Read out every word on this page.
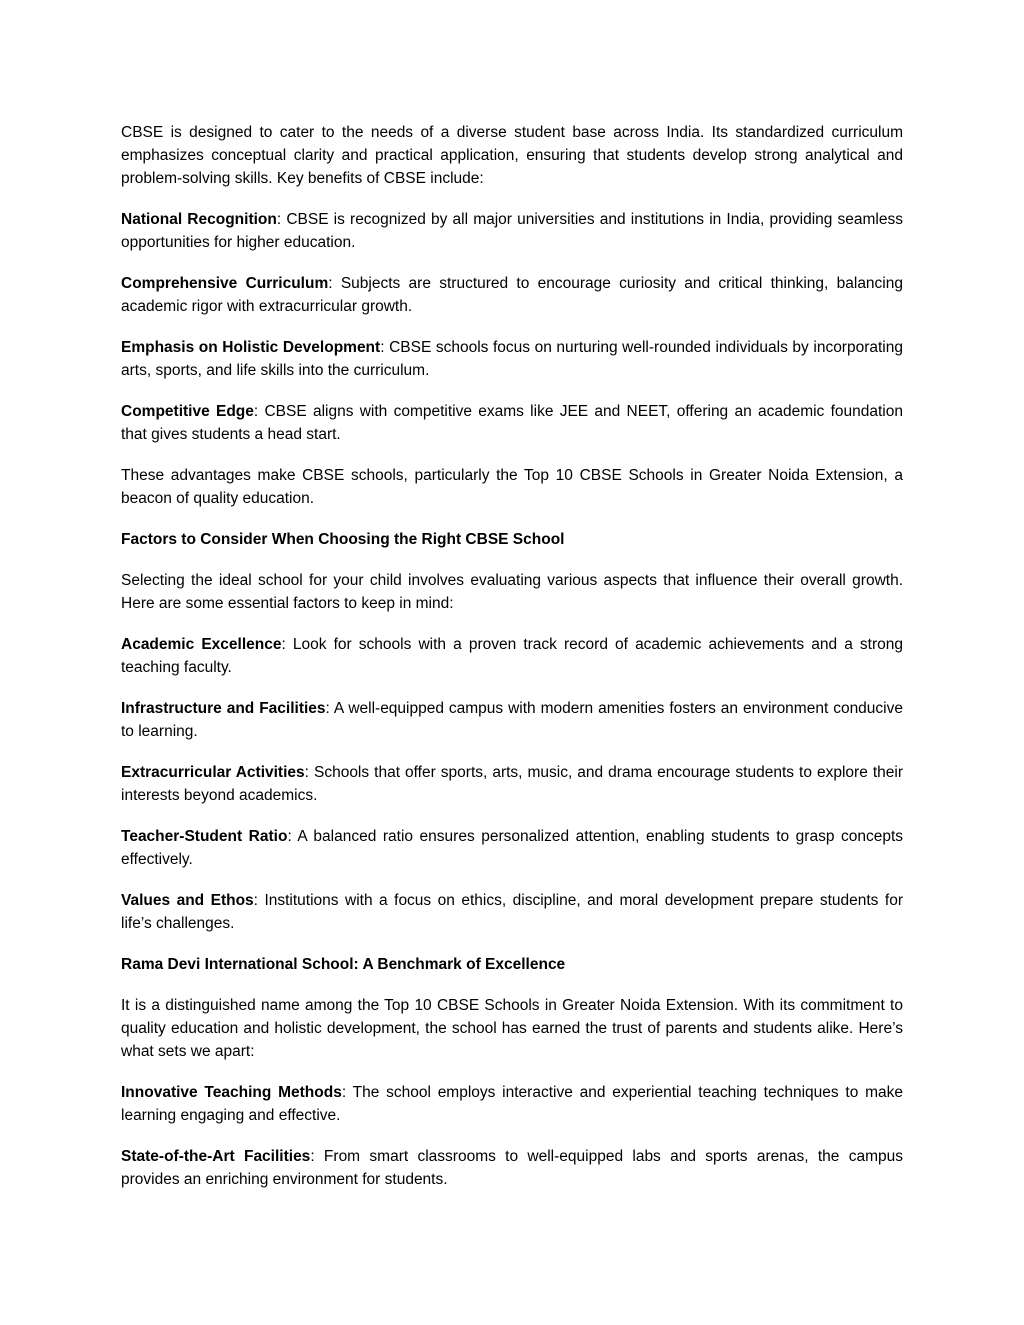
CBSE is designed to cater to the needs of a diverse student base across India. Its standardized curriculum emphasizes conceptual clarity and practical application, ensuring that students develop strong analytical and problem-solving skills. Key benefits of CBSE include:

National Recognition: CBSE is recognized by all major universities and institutions in India, providing seamless opportunities for higher education.

Comprehensive Curriculum: Subjects are structured to encourage curiosity and critical thinking, balancing academic rigor with extracurricular growth.

Emphasis on Holistic Development: CBSE schools focus on nurturing well-rounded individuals by incorporating arts, sports, and life skills into the curriculum.

Competitive Edge: CBSE aligns with competitive exams like JEE and NEET, offering an academic foundation that gives students a head start.

These advantages make CBSE schools, particularly the Top 10 CBSE Schools in Greater Noida Extension, a beacon of quality education.

Factors to Consider When Choosing the Right CBSE School

Selecting the ideal school for your child involves evaluating various aspects that influence their overall growth. Here are some essential factors to keep in mind:

Academic Excellence: Look for schools with a proven track record of academic achievements and a strong teaching faculty.

Infrastructure and Facilities: A well-equipped campus with modern amenities fosters an environment conducive to learning.

Extracurricular Activities: Schools that offer sports, arts, music, and drama encourage students to explore their interests beyond academics.

Teacher-Student Ratio: A balanced ratio ensures personalized attention, enabling students to grasp concepts effectively.

Values and Ethos: Institutions with a focus on ethics, discipline, and moral development prepare students for life’s challenges.

Rama Devi International School: A Benchmark of Excellence

It is a distinguished name among the Top 10 CBSE Schools in Greater Noida Extension. With its commitment to quality education and holistic development, the school has earned the trust of parents and students alike. Here’s what sets we apart:

Innovative Teaching Methods: The school employs interactive and experiential teaching techniques to make learning engaging and effective.

State-of-the-Art Facilities: From smart classrooms to well-equipped labs and sports arenas, the campus provides an enriching environment for students.
